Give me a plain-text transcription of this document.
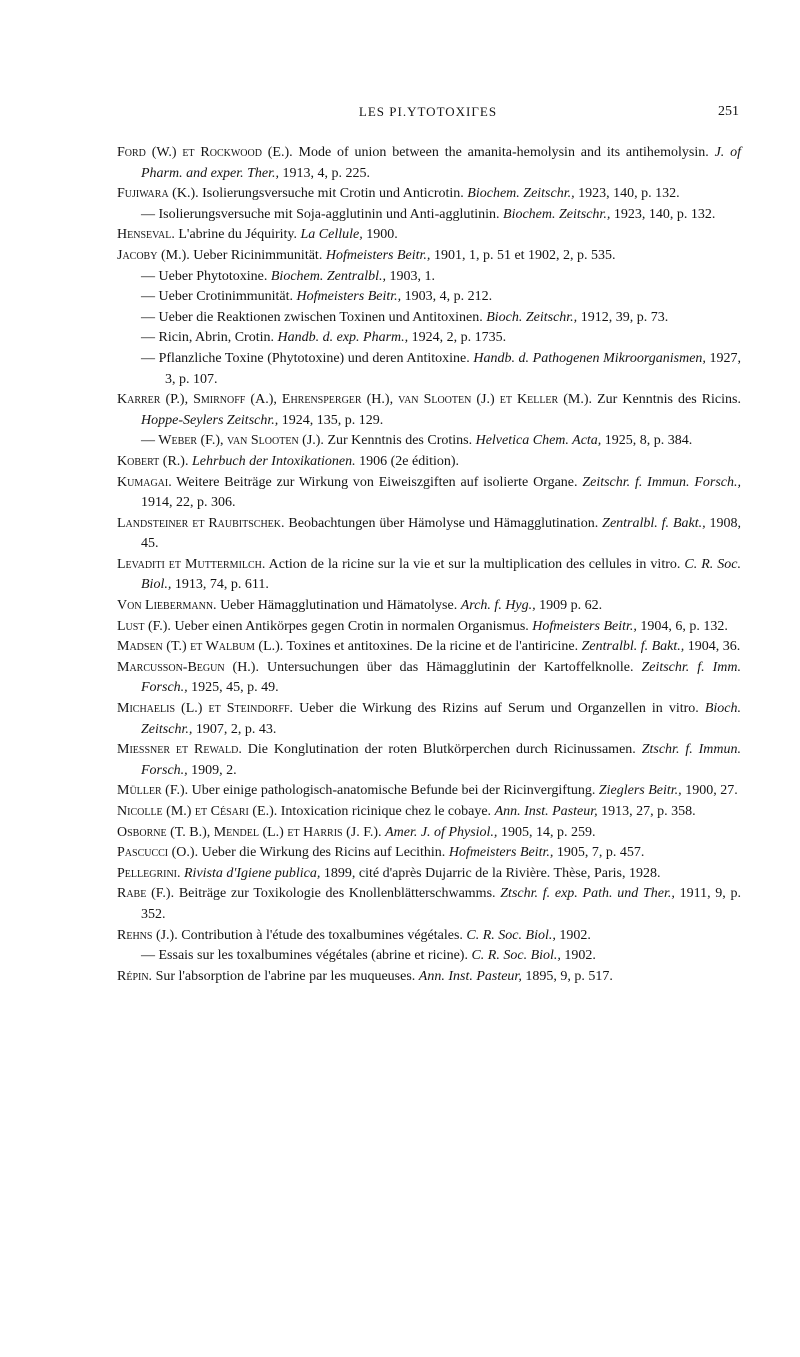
LES PI.YTOTOXIΓES	251
Ford (W.) et Rockwood (E.). Mode of union between the amanita-hemolysin and its antihemolysin. J. of Pharm. and exper. Ther., 1913, 4, p. 225.
Fujiwara (K.). Isolierungsversuche mit Crotin und Anticrotin. Biochem. Zeitschr., 1923, 140, p. 132.
— Isolierungsversuche mit Soja-agglutinin und Anti-agglutinin. Biochem. Zeitschr., 1923, 140, p. 132.
Henseval. L'abrine du Jéquirity. La Cellule, 1900.
Jacoby (M.). Ueber Ricinimmunität. Hofmeisters Beitr., 1901, 1, p. 51 et 1902, 2, p. 535.
— Ueber Phytotoxine. Biochem. Zentralbl., 1903, 1.
— Ueber Crotinimmunität. Hofmeisters Beitr., 1903, 4, p. 212.
— Ueber die Reaktionen zwischen Toxinen und Antitoxinen. Bioch. Zeitschr., 1912, 39, p. 73.
— Ricin, Abrin, Crotin. Handb. d. exp. Pharm., 1924, 2, p. 1735.
— Pflanzliche Toxine (Phytotoxine) und deren Antitoxine. Handb. d. Pathogenen Mikroorganismen, 1927, 3, p. 107.
Karrer (P.), Smirnoff (A.), Ehrensperger (H.), van Slooten (J.) et Keller (M.). Zur Kenntnis des Ricins. Hoppe-Seylers Zeitschr., 1924, 135, p. 129.
— Weber (F.), van Slooten (J.). Zur Kenntnis des Crotins. Helvetica Chem. Acta, 1925, 8, p. 384.
Kobert (R.). Lehrbuch der Intoxikationen. 1906 (2e édition).
Kumagai. Weitere Beiträge zur Wirkung von Eiweiszgiften auf isolierte Organe. Zeitschr. f. Immun. Forsch., 1914, 22, p. 306.
Landsteiner et Raubitschek. Beobachtungen über Hämolyse und Hämagglutination. Zentralbl. f. Bakt., 1908, 45.
Levaditi et Muttermilch. Action de la ricine sur la vie et sur la multiplication des cellules in vitro. C. R. Soc. Biol., 1913, 74, p. 611.
Von Liebermann. Ueber Hämagglutination und Hämatolyse. Arch. f. Hyg., 1909 p. 62.
Lust (F.). Ueber einen Antikörpes gegen Crotin in normalen Organismus. Hofmeisters Beitr., 1904, 6, p. 132.
Madsen (T.) et Walbum (L.). Toxines et antitoxines. De la ricine et de l'antiricine. Zentralbl. f. Bakt., 1904, 36.
Marcusson-Begun (H.). Untersuchungen über das Hämagglutinin der Kartoffelknolle. Zeitschr. f. Imm. Forsch., 1925, 45, p. 49.
Michaelis (L.) et Steindorff. Ueber die Wirkung des Rizins auf Serum und Organzellen in vitro. Bioch. Zeitschr., 1907, 2, p. 43.
Miessner et Rewald. Die Konglutination der roten Blutkörperchen durch Ricinussamen. Ztschr. f. Immun. Forsch., 1909, 2.
Müller (F.). Uber einige pathologisch-anatomische Befunde bei der Ricinvergiftung. Zieglers Beitr., 1900, 27.
Nicolle (M.) et Césari (E.). Intoxication ricinique chez le cobaye. Ann. Inst. Pasteur, 1913, 27, p. 358.
Osborne (T. B.), Mendel (L.) et Harris (J. F.). Amer. J. of Physiol., 1905, 14, p. 259.
Pascucci (O.). Ueber die Wirkung des Ricins auf Lecithin. Hofmeisters Beitr., 1905, 7, p. 457.
Pellegrini. Rivista d'Igiene publica, 1899, cité d'après Dujarric de la Rivière. Thèse, Paris, 1928.
Rabe (F.). Beiträge zur Toxikologie des Knollenblätterschwamms. Ztschr. f. exp. Path. und Ther., 1911, 9, p. 352.
Rehns (J.). Contribution à l'étude des toxalbumines végétales. C. R. Soc. Biol., 1902.
— Essais sur les toxalbumines végétales (abrine et ricine). C. R. Soc. Biol., 1902.
Répin. Sur l'absorption de l'abrine par les muqueuses. Ann. Inst. Pasteur, 1895, 9, p. 517.
